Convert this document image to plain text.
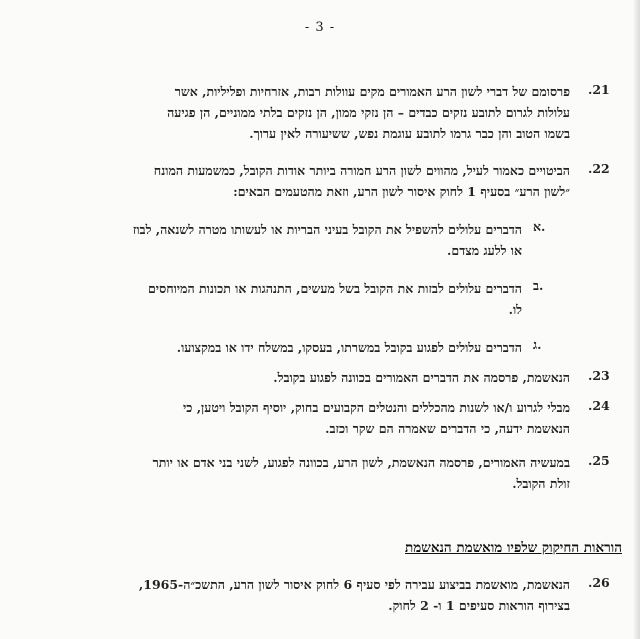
- 3 -
.21
פרסומם של דברי לשון הרע האמורים מקים עוולות רבות, אזרחיות ופליליות, אשר
עלולות לגרום לתובע נזקים כבדים – הן נזקי ממון, הן נזקים בלתי ממוניים, הן פגיעה
בשמו הטוב והן כבר גרמו לתובע עוגמת נפש, ששיעורה לאין ערוך.
.22
הביטויים כאמור לעיל, מהווים לשון הרע חמורה ביותר אודות הקובל, כמשמעות המונח
״לשון הרע״ בסעיף 1 לחוק איסור לשון הרע, וזאת מהטעמים הבאים:
א.
הדברים עלולים להשפיל את הקובל בעיני הבריות או לעשותו מטרה לשנאה, לבוז
או ללעג מצדם.
ב.
הדברים עלולים לבזות את הקובל בשל מעשים, התנהגות או תכונות המיוחסים
לו.
ג.
הדברים עלולים לפגוע בקובל במשרתו, בעסקו, במשלח ידו או במקצועו.
.23
הנאשמת, פרסמה את הדברים האמורים בכוונה לפגוע בקובל.
.24
מבלי לגרוע ו/או לשנות מהכללים והנטלים הקבועים בחוק, יוסיף הקובל ויטען, כי
הנאשמת ידעה, כי הדברים שאמרה הם שקר וכזב.
.25
במעשיה האמורים, פרסמה הנאשמת, לשון הרע, בכוונה לפגוע, לשני בני אדם או יותר
זולת הקובל.
הוראות החיקוק שלפיו מואשמת הנאשמת
.26
הנאשמת, מואשמת בביצוע עבירה לפי סעיף 6 לחוק איסור לשון הרע, התשכ״ה-1965,
בצירוף הוראות סעיפים 1 ו- 2 לחוק.
